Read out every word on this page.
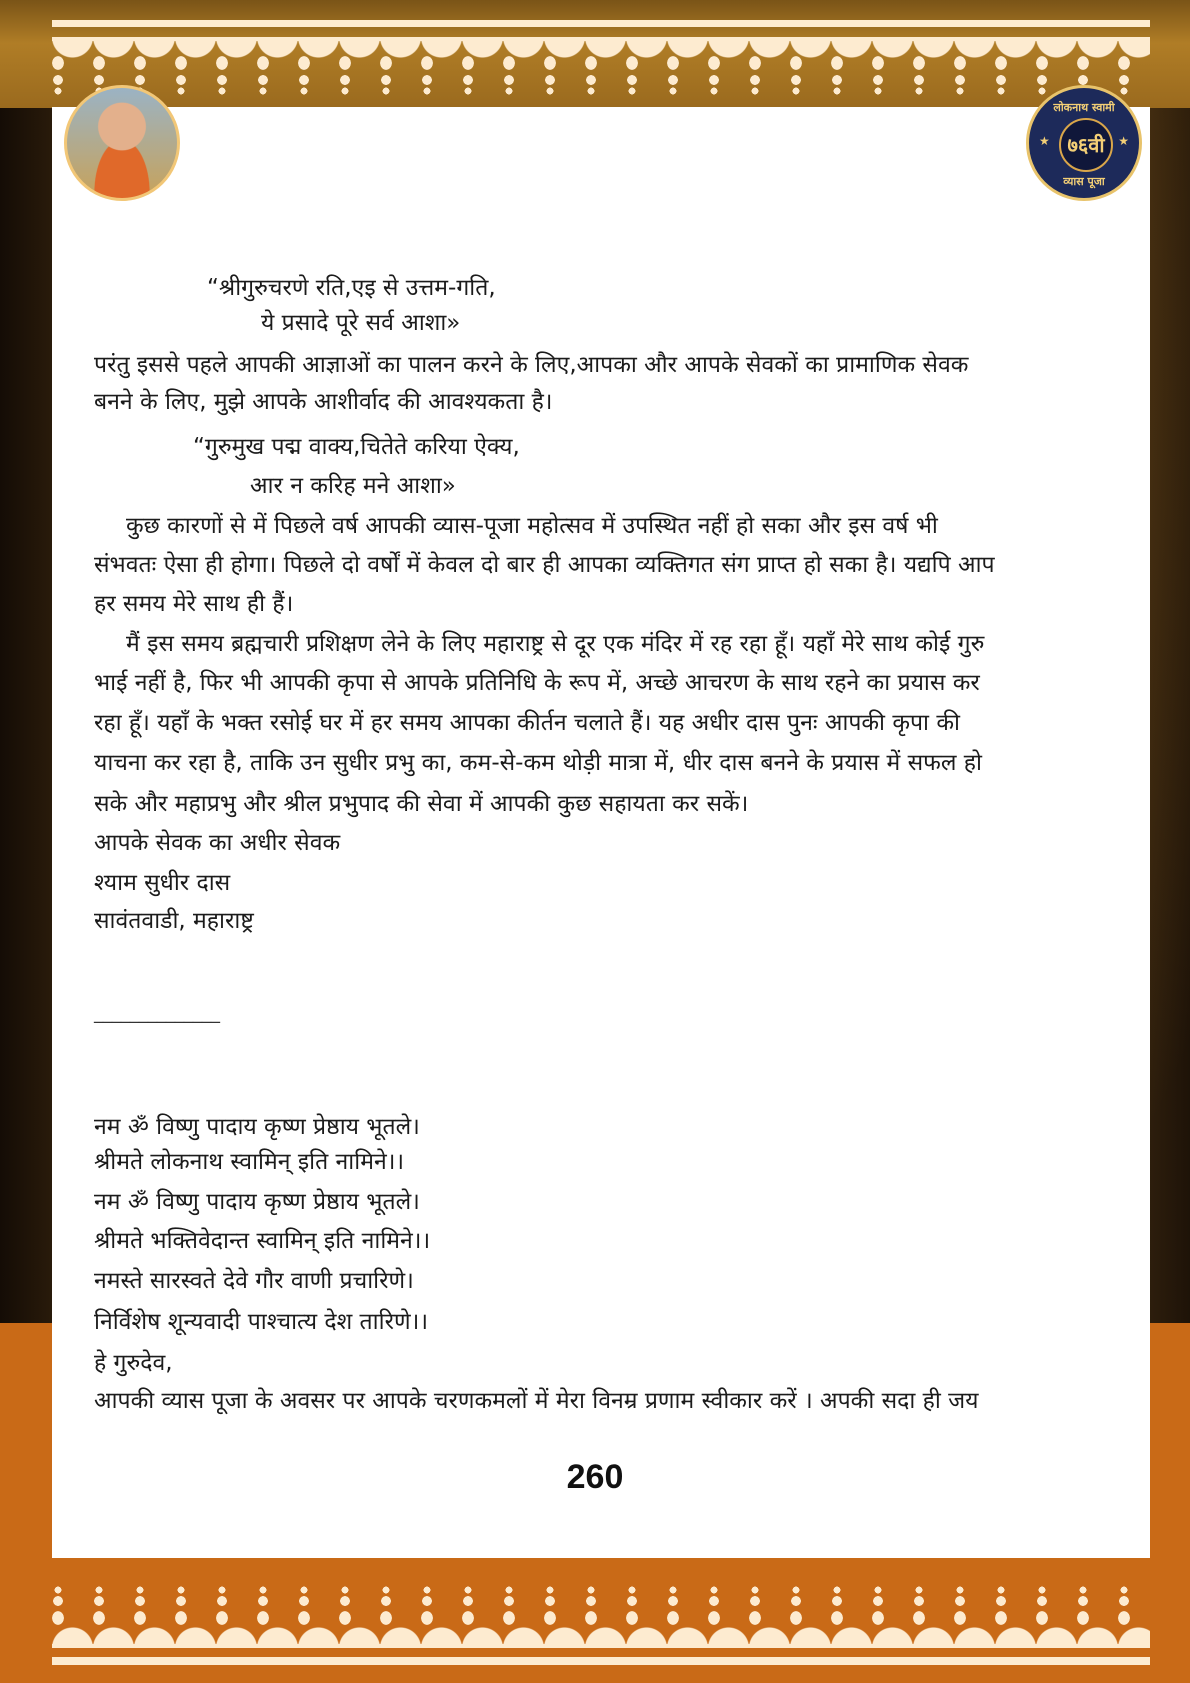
लोकनाथ स्वामी
★ ७६वी	★
व्यास पूजा
“श्रीगुरुचरणे रति,एइ से उत्तम-गति,
ये प्रसादे पूरे सर्व आशा»
परंतु इससे पहले आपकी आज्ञाओं का पालन करने के लिए,आपका और आपके सेवकों का प्रामाणिक सेवक
बनने के लिए, मुझे आपके आशीर्वाद की आवश्यकता है।
“गुरुमुख पद्म वाक्य,चितेते करिया ऐक्य,
आर न करिह मने आशा»
कुछ कारणों से में पिछले वर्ष आपकी व्यास-पूजा महोत्सव में उपस्थित नहीं हो सका और इस वर्ष भी
संभवतः ऐसा ही होगा। पिछले दो वर्षों में केवल दो बार ही आपका व्यक्तिगत संग प्राप्त हो सका है। यद्यपि आप
हर समय मेरे साथ ही हैं।
मैं इस समय ब्रह्मचारी प्रशिक्षण लेने के लिए महाराष्ट्र से दूर एक मंदिर में रह रहा हूँ। यहाँ मेरे साथ कोई गुरु
भाई नहीं है, फिर भी आपकी कृपा से आपके प्रतिनिधि के रूप में, अच्छे आचरण के साथ रहने का प्रयास कर
रहा हूँ। यहाँ के भक्त रसोई घर में हर समय आपका कीर्तन चलाते हैं। यह अधीर दास पुनः आपकी कृपा की
याचना कर रहा है, ताकि उन सुधीर प्रभु का, कम-से-कम थोड़ी मात्रा में, धीर दास बनने के प्रयास में सफल हो
सके और महाप्रभु और श्रील प्रभुपाद की सेवा में आपकी कुछ सहायता कर सकें।
आपके सेवक का अधीर सेवक
श्याम सुधीर दास
सावंतवाडी, महाराष्ट्र
______________
नम ॐ विष्णु पादाय कृष्ण प्रेष्ठाय भूतले।
श्रीमते लोकनाथ स्वामिन् इति नामिने।।
नम ॐ विष्णु पादाय कृष्ण प्रेष्ठाय भूतले।
श्रीमते भक्तिवेदान्त स्वामिन् इति नामिने।।
नमस्ते सारस्वते देवे गौर वाणी प्रचारिणे।
निर्विशेष शून्यवादी पाश्चात्य देश तारिणे।।
हे गुरुदेव,
आपकी व्यास पूजा के अवसर पर आपके चरणकमलों में मेरा विनम्र प्रणाम स्वीकार करें । अपकी सदा ही जय
260
